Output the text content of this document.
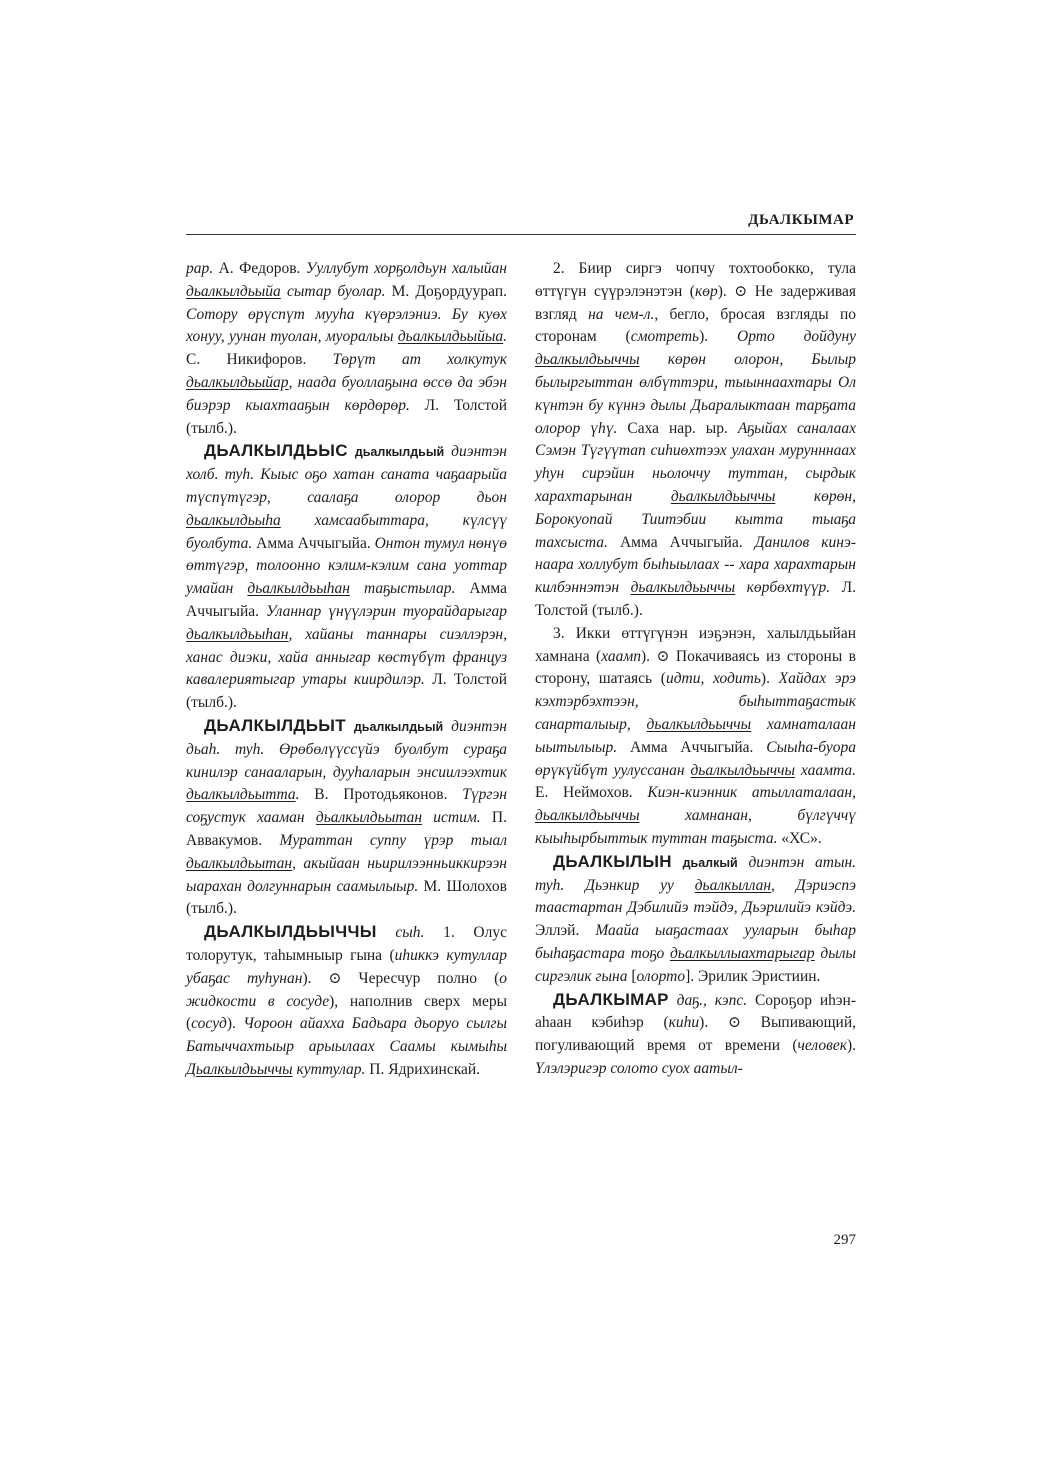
ДЬАЛКЫМАР

рар. А. Федоров. Ууллубут хорҕолдьун халыйан дьалкылдьыйа сытар буолар. М. Доҕордуурап. Сотору өрүспүт мууһа күөрэлэниэ. Бу куөх хонуу, уунан туолан, муоралыы дьалкылдьыйыа. С. Никифоров. Төрүт ат холкутук дьалкылдьыйар, наада буоллаҕына өссө да эбэн биэрэр кыахтааҕын көрдөрөр. Л. Толстой (тылб.).

ДЬАЛКЫЛДЬЫС дьалкылдьый диэнтэн холб. туһ. Кыыс оҕо хатан саната чаҕаарыйа түспүтүгэр, саалаҕа олорор дьон дьалкылдьыһа хамсаабыттара, күлсүү буолбута. Амма Аччыгыйа. Онтон тумул нөнүө өттүгэр, толооннo кэлим-кэлим сана уоттар умайан дьалкылдьыһан таҕыстылар. Амма Аччыгыйа. Уланнар үнүүлэрин туорайдарыгар дьалкылдьыһан, хайаны таннары сиэллэрэн, ханас диэки, хайа анныгар көстүбүт француз кавалериятыгар утары киирдилэр. Л. Толстой (тылб.).

ДЬАЛКЫЛДЬЫТ дьалкылдьый диэнтэн дьаһ. туһ. Өрөбөлүүссүйэ буолбут сураҕа кинилэр санааларын, дууһаларын энсиилээхтик дьалкылдьытта. В. Протодьяконов. Түргэн соҕустук хааман дьалкылдьытан истим. П. Аввакумов. Мураттан суппу үрэр тыал дьалкылдьытан, акыйаан ньирилээнньиккирээн ыарахан долгуннарын саамылыыр. М. Шолохов (тылб.).

ДЬАЛКЫЛДЬЫЧЧЫ сыһ. 1. Олус толорутук, таһымныыр гына (иһиккэ кутуллар убаҕас туһунан). ⊙ Чересчур полно (о жидкости в сосуде), наполнив сверх меры (сосуд). Чороон айахха Бадьара дьоруо сылгы Батыччахтыыр арыылаах Саамы кымыһы Дьалкылдьыччы куттулар. П. Ядрихинскай.

2. Биир сиргэ чопчу тохтообокко, тула өттүгүн сүүрэлэнэтэн (көр). ⊙ Не задерживая взгляд на чем-л., бегло, бросая взгляды по сторонам (смотреть). Орто дойдуну дьалкылдьыччы көрөн олорон, Былыр былыргыттан өлбүттэри, тыыннаахтары Ол күнтэн бу күннэ дылы Дьаралыктаан тарҕата олорор үһү. Саха нар. ыр. Аҕыйах саналаах Сэмэн Түгүүтап сиһиөхтээх улахан мурунннаах уһун сирэйин ньолоччу туттан, сырдык харахтарынан дьалкылдьыччы көрөн, Борокуопай Тиитэбии кытта тыаҕа тахсыста. Амма Аччыгыйа. Данилов кинэ-наара холлубут быһыылаах -- хара харахтарын килбэннэтэн дьалкылдьыччы көрбөхтүүр. Л. Толстой (тылб.).

3. Икки өттүгүнэн иэҕэнэн, халылдьыйан хамнана (хаамп). ⊙ Покачиваясь из стороны в сторону, шатаясь (идти, ходить). Хайдах эрэ кэхтэрбэхтээн, быһыттаҕастык санарталыыр, дьалкылдьыччы хамнаталаан ыытылыыр. Амма Аччыгыйа. Сыыһа-буора өрүкүйбүт уулуссанан дьалкылдьыччы хаамта. Е. Неймохов. Киэн-киэнник атыллаталаан, дьалкылдьыччы хамнанан, бүлгүччү кыыһырбыттык туттан таҕыста. «ХС».

ДЬАЛКЫЛЫН дьалкый диэнтэн атын. туһ. Дьэнкир уу дьалкыллан, Дэриэспэ таастартан Дэбилийэ тэйдэ, Дьэрилийэ кэйдэ. Эллэй. Маайа ыаҕастаах ууларын быһар быһаҕастара тоҕо дьалкыллыахтарыгар дылы сиргэлик гына [олорто]. Эрилик Эристиин.

ДЬАЛКЫМАР даҕ., кэпс. Сороҕор иһэн-аһаан кэбиһэр (киһи). ⊙ Выпивающий, погуливающий время от времени (человек). Үлэлэригэр солото суох аатыл-

297
